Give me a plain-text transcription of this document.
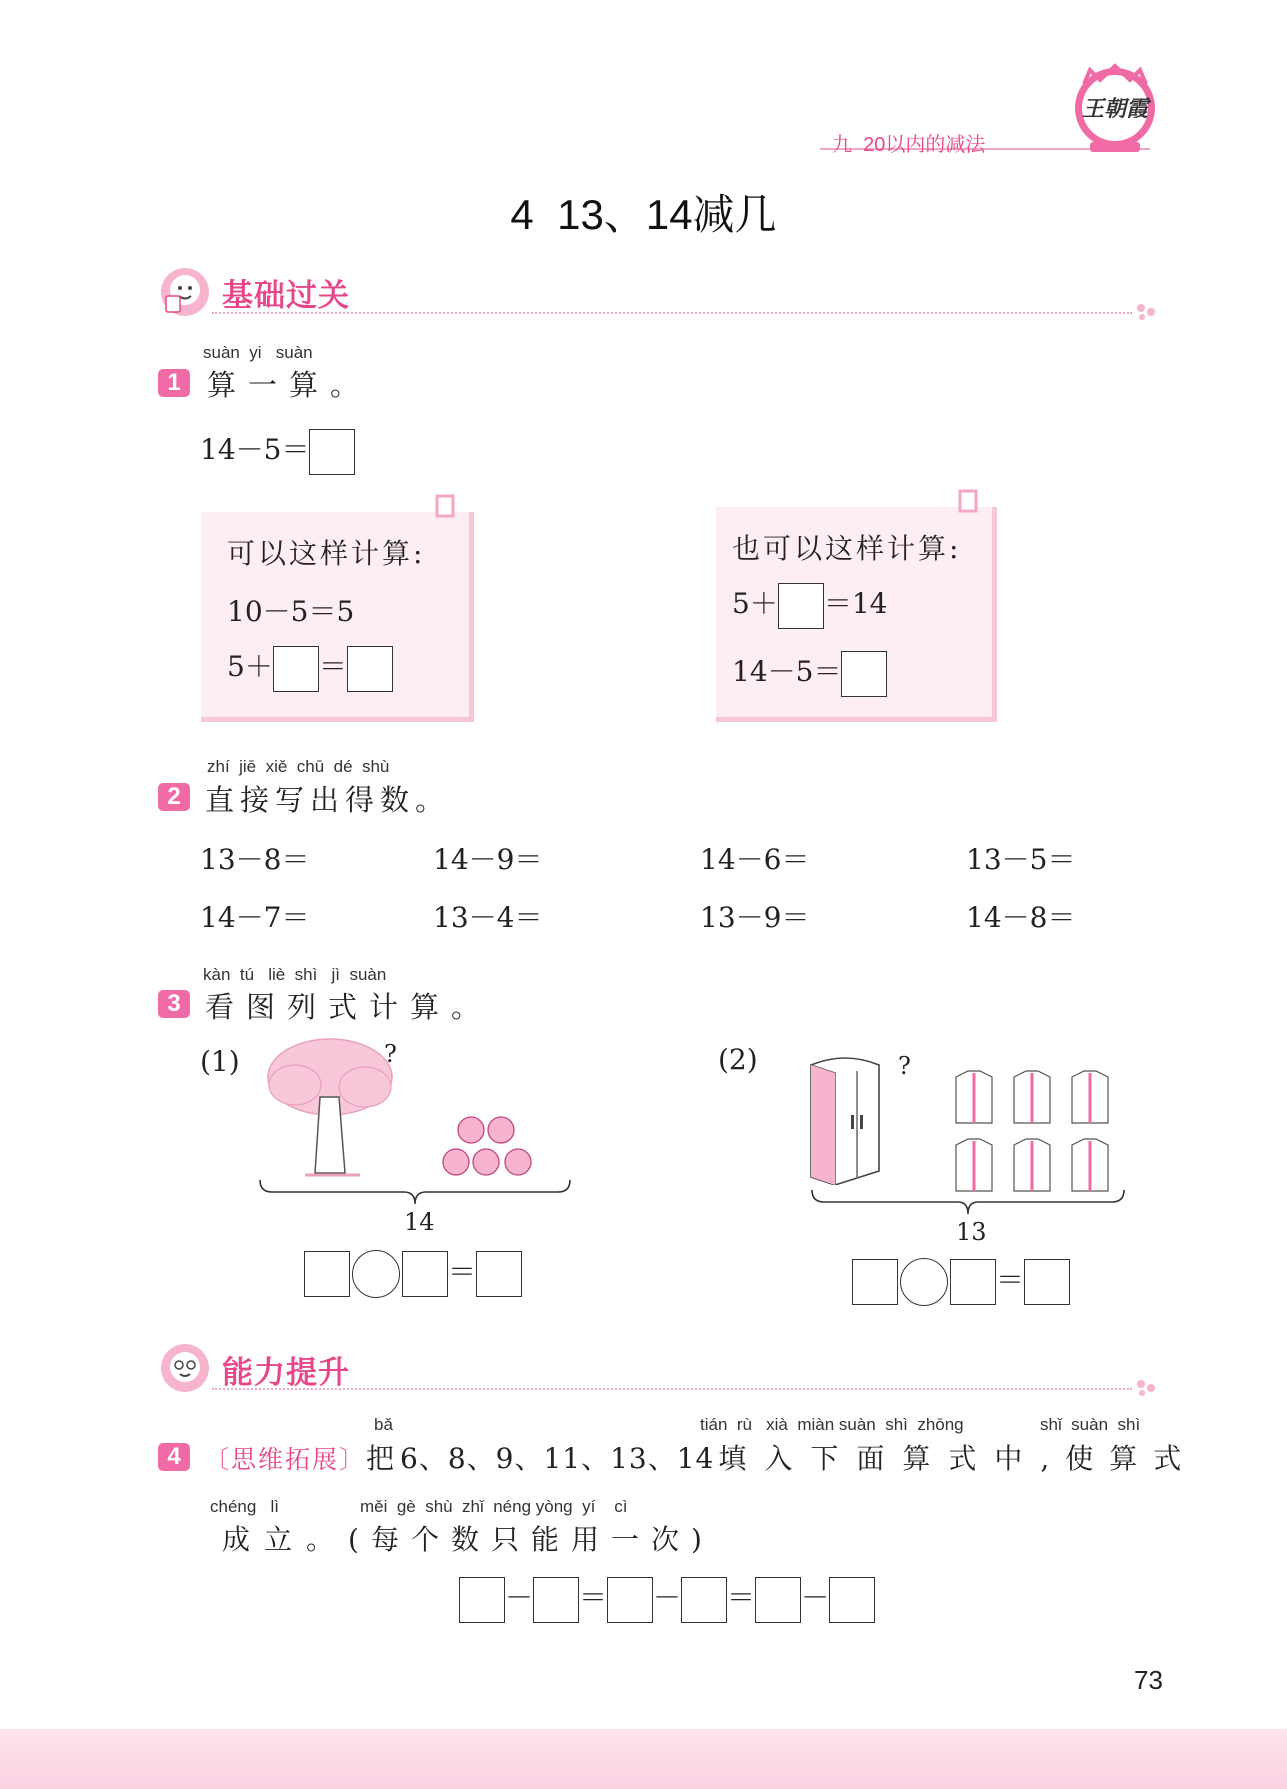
九  20以内的减法
王朝霞
4  13、14减几
基础过关
suàn  yi   suàn
1 算一算。
14－5＝
可以这样计算:
10－5＝5
5＋ ＝
也可以这样计算:
5＋ ＝14
14－5＝
zhí  jiē  xiě  chū  dé  shù
2 直接写出得数。
13－8＝	14－9＝	14－6＝	13－5＝
14－7＝	13－4＝	13－9＝	14－8＝
kàn  tú   liè  shì   jì  suàn
3 看图列式计算。
(1)	?
14
＝
(2)	?
13
＝
能力提升
bǎ	tián  rù   xià  miàn suàn  shì  zhōng	shǐ  suàn  shì
4 〔思维拓展〕把 6、8、9、11、13、14 填入下面算式中,使算式
chéng   lì	měi  gè  shù  zhǐ  néng yòng  yí    cì
成立。(每个数只能用一次)
－ ＝ － ＝ －
73
